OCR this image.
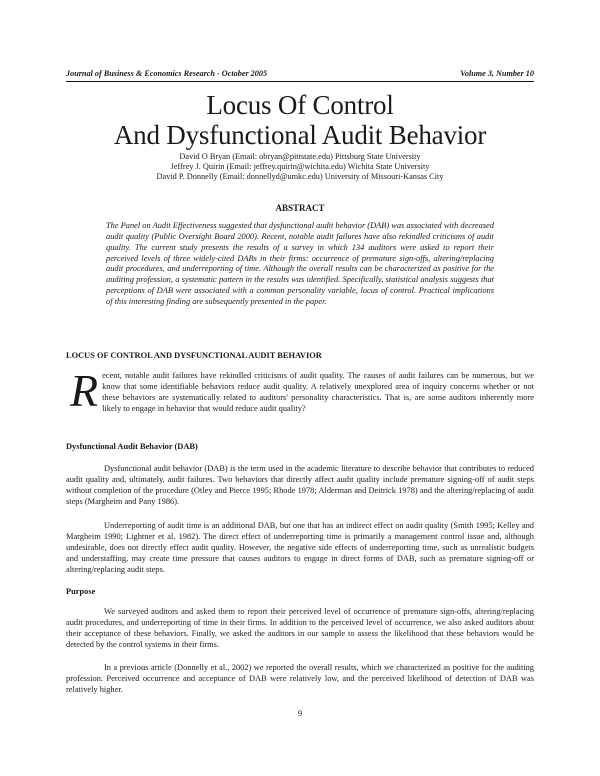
Journal of Business & Economics Research - October 2005	Volume 3, Number 10
Locus Of Control
And Dysfunctional Audit Behavior
David O Bryan (Email: obryan@pittstate.edu) Pittsburg State University
Jeffrey J. Quirin (Email: jeffrey.quirin@wichita.edu) Wichita State University
David P. Donnelly (Email: donnellyd@umkc.edu) University of Missouri-Kansas City
ABSTRACT
The Panel on Audit Effectiveness suggested that dysfunctional audit behavior (DAB) was associated with decreased audit quality (Public Oversight Board 2000). Recent, notable audit failures have also rekindled criticisms of audit quality. The current study presents the results of a survey in which 134 auditors were asked to report their perceived levels of three widely-cited DABs in their firms: occurrence of premature sign-offs, altering/replacing audit procedures, and underreporting of time. Although the overall results can be characterized as positive for the auditing profession, a systematic pattern in the results was identified. Specifically, statistical analysis suggests that perceptions of DAB were associated with a common personality variable, locus of control. Practical implications of this interesting finding are subsequently presented in the paper.
LOCUS OF CONTROL AND DYSFUNCTIONAL AUDIT BEHAVIOR
Recent, notable audit failures have rekindled criticisms of audit quality. The causes of audit failures can be numerous, but we know that some identifiable behaviors reduce audit quality. A relatively unexplored area of inquiry concerns whether or not these behaviors are systematically related to auditors' personality characteristics. That is, are some auditors inherently more likely to engage in behavior that would reduce audit quality?
Dysfunctional Audit Behavior (DAB)
Dysfunctional audit behavior (DAB) is the term used in the academic literature to describe behavior that contributes to reduced audit quality and, ultimately, audit failures. Two behaviors that directly affect audit quality include premature signing-off of audit steps without completion of the procedure (Otley and Pierce 1995; Rhode 1978; Alderman and Deitrick 1978) and the altering/replacing of audit steps (Margheim and Pany 1986).
Underreporting of audit time is an additional DAB, but one that has an indirect effect on audit quality (Smith 1995; Kelley and Margheim 1990; Lightner et al. 1982). The direct effect of underreporting time is primarily a management control issue and, although undesirable, does not directly effect audit quality. However, the negative side effects of underreporting time, such as unrealistic budgets and understaffing, may create time pressure that causes auditors to engage in direct forms of DAB, such as premature signing-off or altering/replacing audit steps.
Purpose
We surveyed auditors and asked them to report their perceived level of occurrence of premature sign-offs, altering/replacing audit procedures, and underreporting of time in their firms. In addition to the perceived level of occurrence, we also asked auditors about their acceptance of these behaviors. Finally, we asked the auditors in our sample to assess the likelihood that these behaviors would be detected by the control systems in their firms.
In a previous article (Donnelly et al., 2002) we reported the overall results, which we characterized as positive for the auditing profession. Perceived occurrence and acceptance of DAB were relatively low, and the perceived likelihood of detection of DAB was relatively higher.
9
